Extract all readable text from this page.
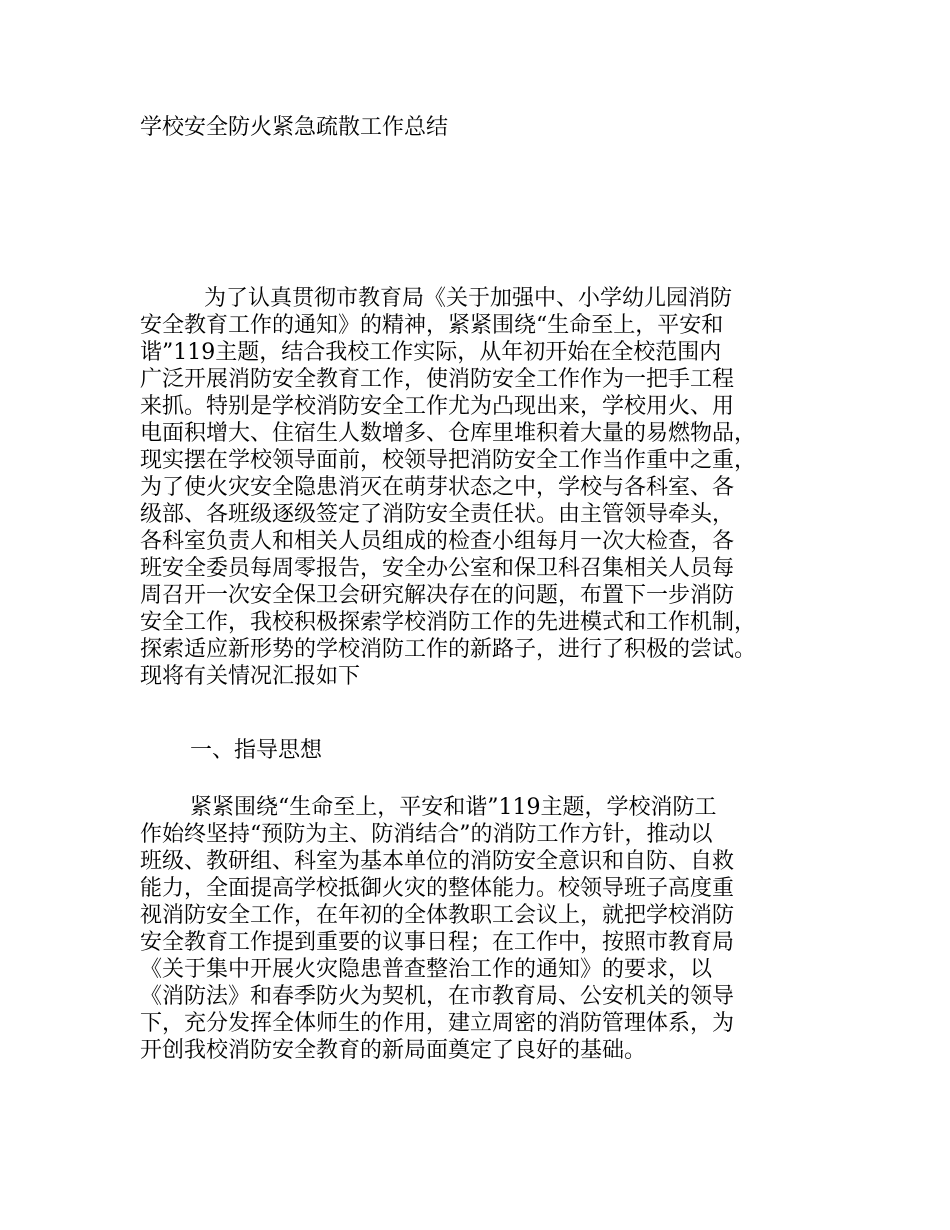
学校安全防火紧急疏散工作总结
为了认真贯彻市教育局《关于加强中、小学幼儿园消防
安全教育工作的通知》的精神，紧紧围绕“生命至上，平安和
谐”119主题，结合我校工作实际，从年初开始在全校范围内
广泛开展消防安全教育工作，使消防安全工作作为一把手工程
来抓。特别是学校消防安全工作尤为凸现出来，学校用火、用
电面积增大、住宿生人数增多、仓库里堆积着大量的易燃物品，
现实摆在学校领导面前，校领导把消防安全工作当作重中之重，
为了使火灾安全隐患消灭在萌芽状态之中，学校与各科室、各
级部、各班级逐级签定了消防安全责任状。由主管领导牵头，
各科室负责人和相关人员组成的检查小组每月一次大检查，各
班安全委员每周零报告，安全办公室和保卫科召集相关人员每
周召开一次安全保卫会研究解决存在的问题，布置下一步消防
安全工作，我校积极探索学校消防工作的先进模式和工作机制，
探索适应新形势的学校消防工作的新路子，进行了积极的尝试。
现将有关情况汇报如下
一、指导思想
紧紧围绕“生命至上，平安和谐”119主题，学校消防工
作始终坚持“预防为主、防消结合”的消防工作方针，推动以
班级、教研组、科室为基本单位的消防安全意识和自防、自救
能力，全面提高学校抵御火灾的整体能力。校领导班子高度重
视消防安全工作，在年初的全体教职工会议上，就把学校消防
安全教育工作提到重要的议事日程；在工作中，按照市教育局
《关于集中开展火灾隐患普查整治工作的通知》的要求，以
《消防法》和春季防火为契机，在市教育局、公安机关的领导
下，充分发挥全体师生的作用，建立周密的消防管理体系，为
开创我校消防安全教育的新局面奠定了良好的基础。
